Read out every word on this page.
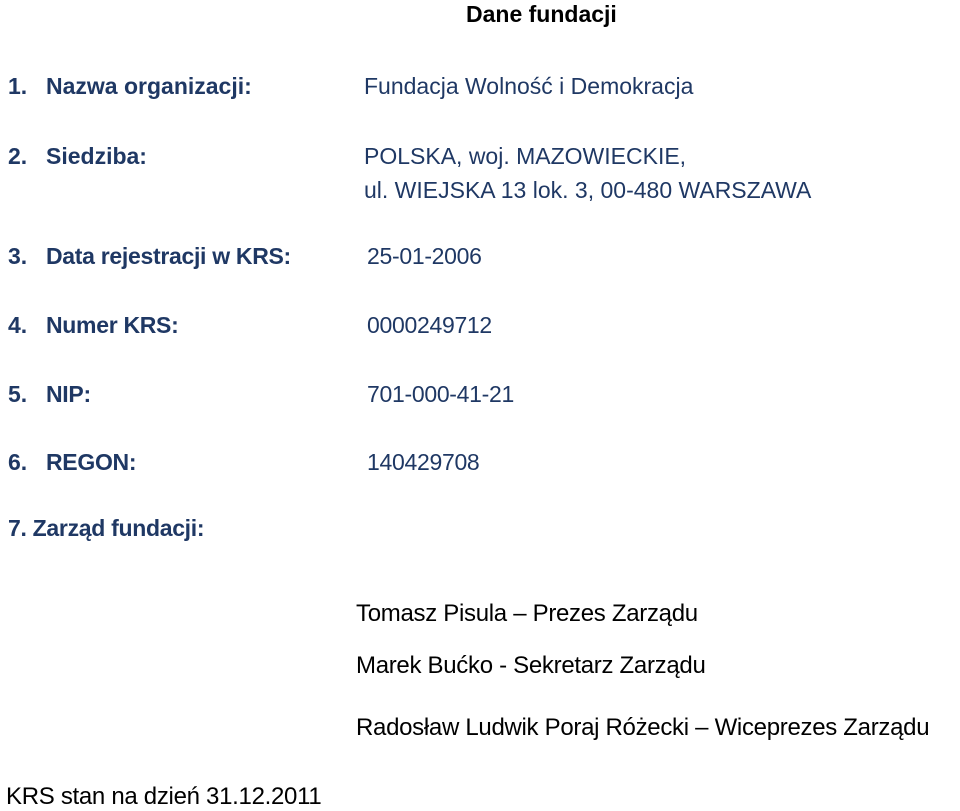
Dane fundacji
1. Nazwa organizacji:	Fundacja Wolność i Demokracja
2. Siedziba:	POLSKA, woj. MAZOWIECKIE,
ul. WIEJSKA 13 lok. 3, 00-480 WARSZAWA
3. Data rejestracji w KRS:	25-01-2006
4. Numer KRS:	0000249712
5. NIP:	701-000-41-21
6. REGON:	140429708
7. Zarząd fundacji:
Tomasz Pisula – Prezes Zarządu
Marek Bućko - Sekretarz Zarządu
Radosław Ludwik Poraj Różecki – Wiceprezes Zarządu
KRS stan na dzień 31.12.2011
